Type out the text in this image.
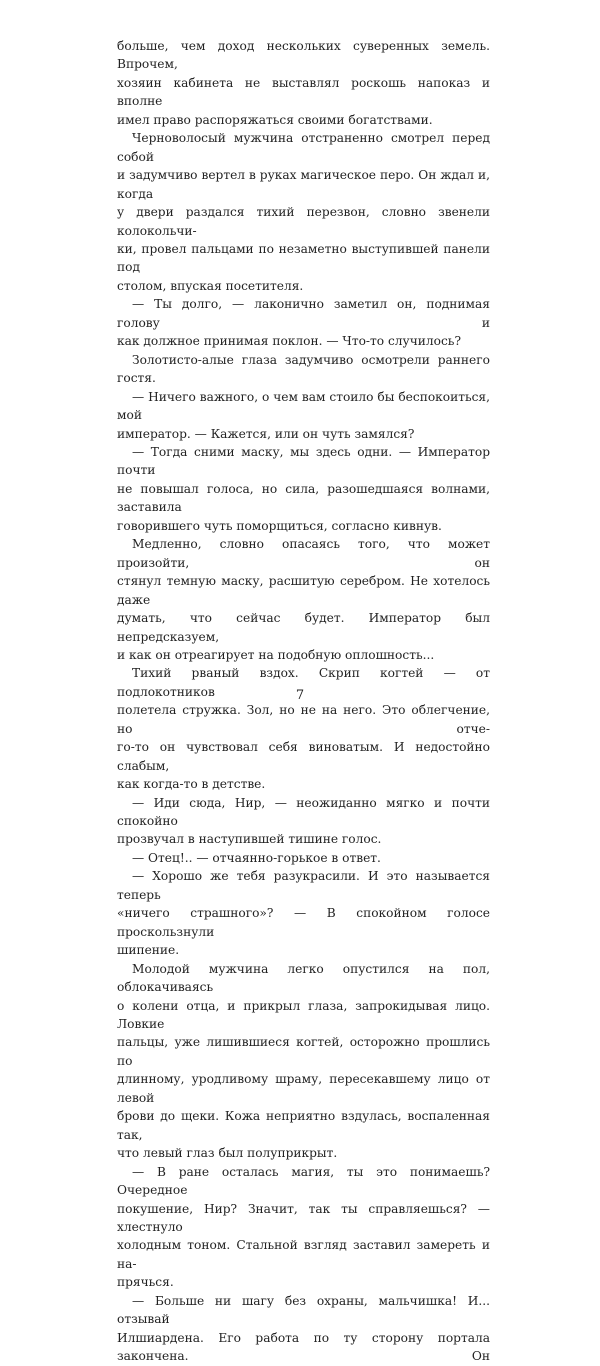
больше, чем доход нескольких суверенных земель. Впрочем,

хозяин кабинета не выставлял роскошь напоказ и вполне

имел право распоряжаться своими богатствами.

Черноволосый мужчина отстраненно смотрел перед собой

и задумчиво вертел в руках магическое перо. Он ждал и, когда

у двери раздался тихий перезвон, словно звенели колокольчи-

ки, провел пальцами по незаметно выступившей панели под

столом, впуская посетителя.

— Ты долго, — лаконично заметил он, поднимая голову и

как должное принимая поклон. — Что-то случилось?

Золотисто-алые глаза задумчиво осмотрели раннего гостя.

— Ничего важного, о чем вам стоило бы беспокоиться, мой

император. — Кажется, или он чуть замялся?

— Тогда сними маску, мы здесь одни. — Император почти

не повышал голоса, но сила, разошедшаяся волнами, заставила

говорившего чуть поморщиться, согласно кивнув.

Медленно, словно опасаясь того, что может произойти, он

стянул темную маску, расшитую серебром. Не хотелось даже

думать, что сейчас будет. Император был непредсказуем,

и как он отреагирует на подобную оплошность...

Тихий рваный вздох. Скрип когтей — от подлокотников

полетела стружка. Зол, но не на него. Это облегчение, но отче-

го-то он чувствовал себя виноватым. И недостойно слабым,

как когда-то в детстве.

— Иди сюда, Нир, — неожиданно мягко и почти спокойно

прозвучал в наступившей тишине голос.

— Отец!.. — отчаянно-горькое в ответ.

— Хорошо же тебя разукрасили. И это называется теперь

«ничего страшного»? — В спокойном голосе проскользнули

шипение.

Молодой мужчина легко опустился на пол, облокачиваясь

о колени отца, и прикрыл глаза, запрокидывая лицо. Ловкие

пальцы, уже лишившиеся когтей, осторожно прошлись по

длинному, уродливому шраму, пересекавшему лицо от левой

брови до щеки. Кожа неприятно вздулась, воспаленная так,

что левый глаз был полуприкрыт.

— В ране осталась магия, ты это понимаешь? Очередное

покушение, Нир? Значит, так ты справляешься? — хлестнуло

холодным тоном. Стальной взгляд заставил замереть и на-

прячься.

— Больше ни шагу без охраны, мальчишка! И... отзывай

Илшиардена. Его работа по ту сторону портала закончена. Он

7
